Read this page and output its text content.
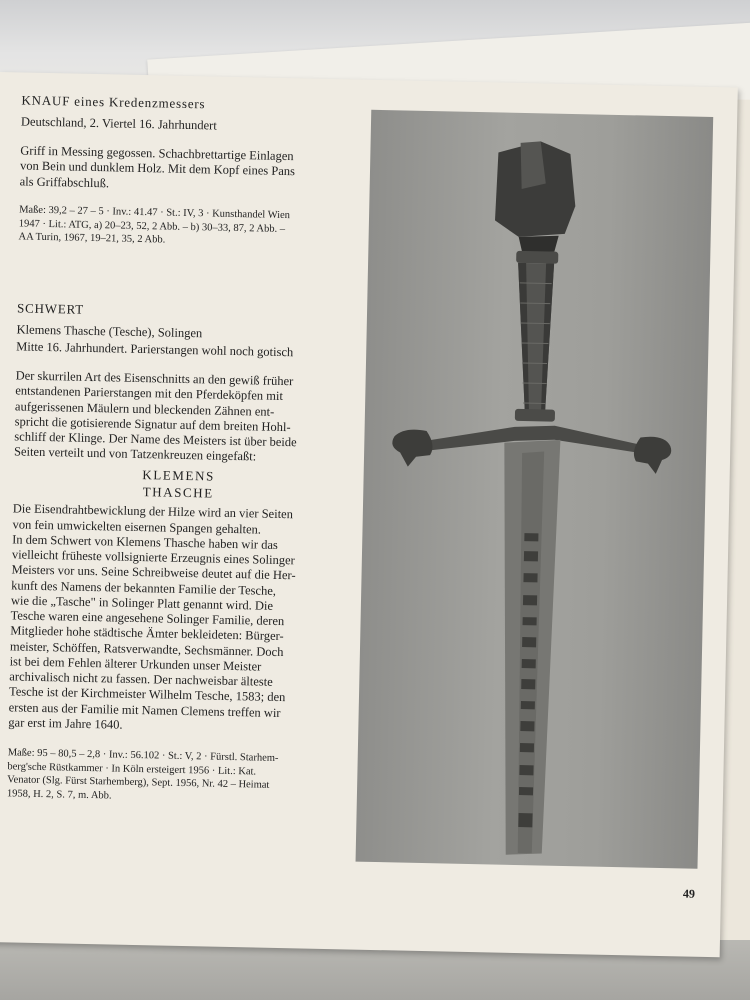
KNAUF eines Kredenzmessers
Deutschland, 2. Viertel 16. Jahrhundert
Griff in Messing gegossen. Schachbrettartige Einlagen
von Bein und dunklem Holz. Mit dem Kopf eines Pans
als Griffabschluß.
Maße: 39,2 – 27 – 5 · Inv.: 41.47 · St.: IV, 3 · Kunsthandel Wien
1947 · Lit.: ATG, a) 20–23, 52, 2 Abb. – b) 30–33, 87, 2 Abb. –
AA Turin, 1967, 19–21, 35, 2 Abb.
SCHWERT
Klemens Thasche (Tesche), Solingen
Mitte 16. Jahrhundert. Parierstangen wohl noch gotisch
Der skurrilen Art des Eisenschnitts an den gewiß früher
entstandenen Parierstangen mit den Pferdeköpfen mit
aufgerissenen Mäulern und bleckenden Zähnen ent-
spricht die gotisierende Signatur auf dem breiten Hohl-
schliff der Klinge. Der Name des Meisters ist über beide
Seiten verteilt und von Tatzenkreuzen eingefaßt:
KLEMENS
THASCHE
Die Eisendrahtbewicklung der Hilze wird an vier Seiten
von fein umwickelten eisernen Spangen gehalten.
In dem Schwert von Klemens Thasche haben wir das
vielleicht früheste vollsignierte Erzeugnis eines Solinger
Meisters vor uns. Seine Schreibweise deutet auf die Her-
kunft des Namens der bekannten Familie der Tesche,
wie die „Tasche" in Solinger Platt genannt wird. Die
Tesche waren eine angesehene Solinger Familie, deren
Mitglieder hohe städtische Ämter bekleideten: Bürger-
meister, Schöffen, Ratsverwandte, Sechsmänner. Doch
ist bei dem Fehlen älterer Urkunden unser Meister
archivalisch nicht zu fassen. Der nachweisbar älteste
Tesche ist der Kirchmeister Wilhelm Tesche, 1583; den
ersten aus der Familie mit Namen Clemens treffen wir
gar erst im Jahre 1640.
Maße: 95 – 80,5 – 2,8 · Inv.: 56.102 · St.: V, 2 · Fürstl. Starhem-
berg'sche Rüstkammer · In Köln ersteigert 1956 · Lit.: Kat.
Venator (Slg. Fürst Starhemberg), Sept. 1956, Nr. 42 – Heimat
1958, H. 2, S. 7, m. Abb.
49
